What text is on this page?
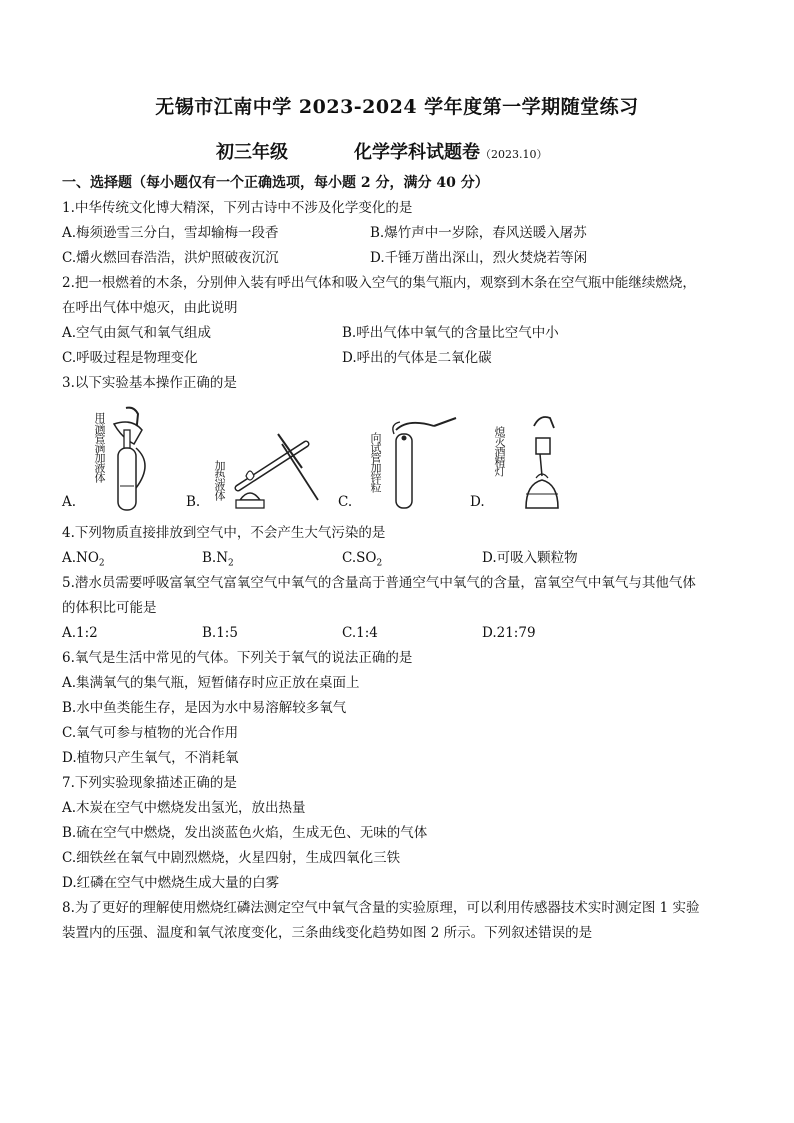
无锡市江南中学 2023-2024 学年度第一学期随堂练习
初三年级	化学学科试题卷（2023.10）
一、选择题（每小题仅有一个正确选项，每小题 2 分，满分 40 分）
1.中华传统文化博大精深，下列古诗中不涉及化学变化的是
A.梅须逊雪三分白，雪却输梅一段香	B.爆竹声中一岁除，春风送暖入屠苏
C.爝火燃回春浩浩，洪炉照破夜沉沉	D.千锤万凿出深山，烈火焚烧若等闲
2.把一根燃着的木条，分别伸入装有呼出气体和吸入空气的集气瓶内，观察到木条在空气瓶中能继续燃烧，
在呼出气体中熄灭，由此说明
A.空气由氮气和氧气组成	B.呼出气体中氧气的含量比空气中小
C.呼吸过程是物理变化	D.呼出的气体是二氧化碳
3.以下实验基本操作正确的是
A.
用滴管滴加液体
B.
加热液体
C.
向试管加锌粒
D.
熄灭酒精灯
4.下列物质直接排放到空气中，不会产生大气污染的是
$A.NO_2$	$B.N_2$	$C.SO_2$	D.可吸入颗粒物
5.潜水员需要呼吸富氧空气富氧空气中氧气的含量高于普通空气中氧气的含量，富氧空气中氧气与其他气体
的体积比可能是
A.1:2	B.1:5	C.1:4	D.21:79
6.氧气是生活中常见的气体。下列关于氧气的说法正确的是
A.集满氧气的集气瓶，短暂储存时应正放在桌面上
B.水中鱼类能生存，是因为水中易溶解较多氧气
C.氧气可参与植物的光合作用
D.植物只产生氧气，不消耗氧
7.下列实验现象描述正确的是
A.木炭在空气中燃烧发出氢光，放出热量
B.硫在空气中燃烧，发出淡蓝色火焰，生成无色、无味的气体
C.细铁丝在氧气中剧烈燃烧，火星四射，生成四氧化三铁
D.红磷在空气中燃烧生成大量的白雾
8.为了更好的理解使用燃烧红磷法测定空气中氧气含量的实验原理，可以利用传感器技术实时测定图 1 实验
装置内的压强、温度和氧气浓度变化，三条曲线变化趋势如图 2 所示。下列叙述错误的是
